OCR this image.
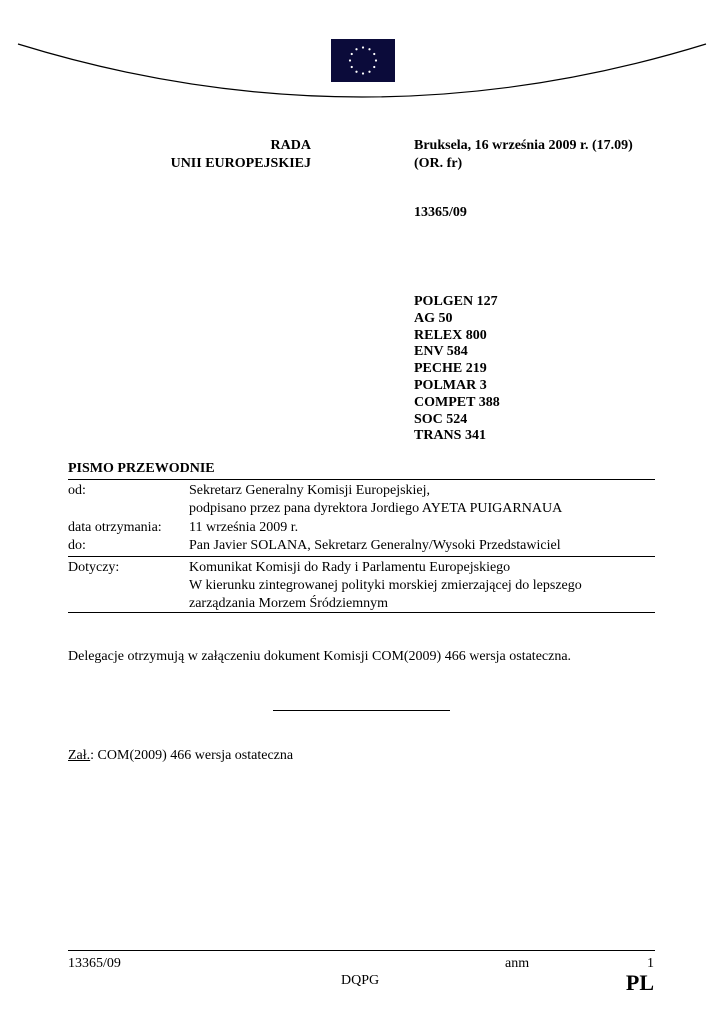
RADA
UNII EUROPEJSKIEJ
Bruksela, 16 września 2009 r. (17.09)
(OR. fr)
13365/09
POLGEN 127
AG 50
RELEX 800
ENV 584
PECHE 219
POLMAR 3
COMPET 388
SOC 524
TRANS 341
PISMO PRZEWODNIE
od:	Sekretarz Generalny Komisji Europejskiej,
podpisano przez pana dyrektora Jordiego AYETA PUIGARNAUA
data otrzymania: 11 września 2009 r.
do:	Pan Javier SOLANA, Sekretarz Generalny/Wysoki Przedstawiciel
Dotyczy:	Komunikat Komisji do Rady i Parlamentu Europejskiego
W kierunku zintegrowanej polityki morskiej zmierzającej do lepszego
zarządzania Morzem Śródziemnym
Delegacje otrzymują w załączeniu dokument Komisji COM(2009) 466 wersja ostateczna.
Zał.: COM(2009) 466 wersja ostateczna
13365/09	anm	1
DQPG	PL
